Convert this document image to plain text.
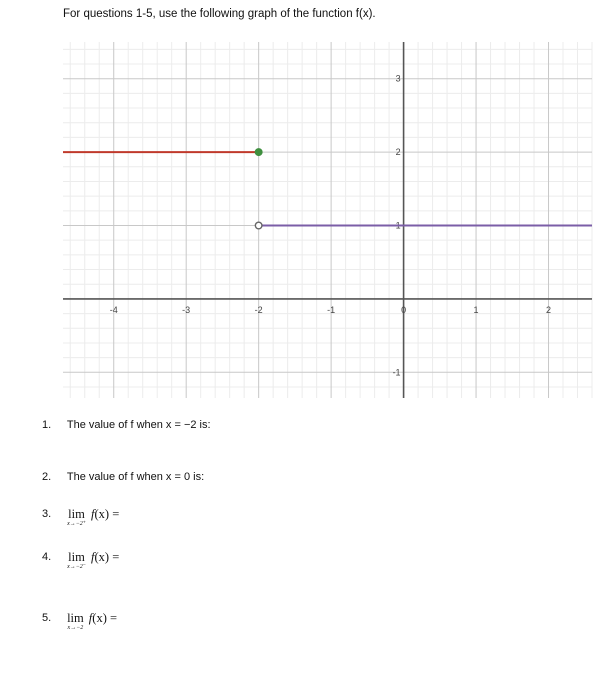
For questions 1-5, use the following graph of the function f(x).
-4	-3	-2	-1	0	1	2
-1
1
2
3
1. The value of f when x = −2 is:
2. The value of f when x = 0 is:
3. lim
x→−2⁺
f(x) =
4. lim
x→−2⁻
f(x) =
5. lim
x→−2
f(x) =
